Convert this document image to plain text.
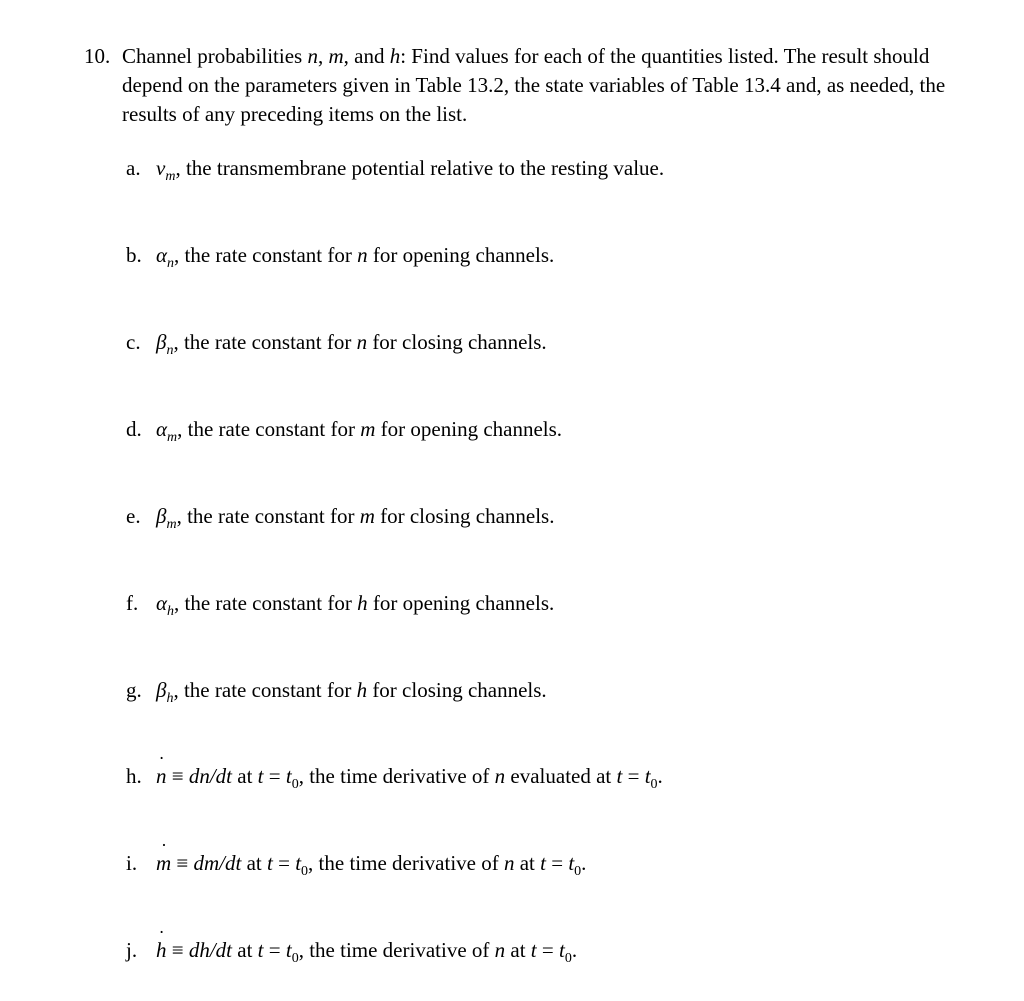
10. Channel probabilities n, m, and h: Find values for each of the quantities listed. The result should depend on the parameters given in Table 13.2, the state variables of Table 13.4 and, as needed, the results of any preceding items on the list.
a. $v_m$, the transmembrane potential relative to the resting value.
b. $\alpha_n$, the rate constant for n for opening channels.
c. $\beta_n$, the rate constant for n for closing channels.
d. $\alpha_m$, the rate constant for m for opening channels.
e. $\beta_m$, the rate constant for m for closing channels.
f. $\alpha_h$, the rate constant for h for opening channels.
g. $\beta_h$, the rate constant for h for closing channels.
h. n ˙ ≡ dn/dt at $t = t_0$, the time derivative of n evaluated at $t = t_0$.
i. m ˙ ≡ dm/dt at $t = t_0$, the time derivative of n at $t = t_0$.
j. h ˙ ≡ dh/dt at $t = t_0$, the time derivative of n at $t = t_0$.
